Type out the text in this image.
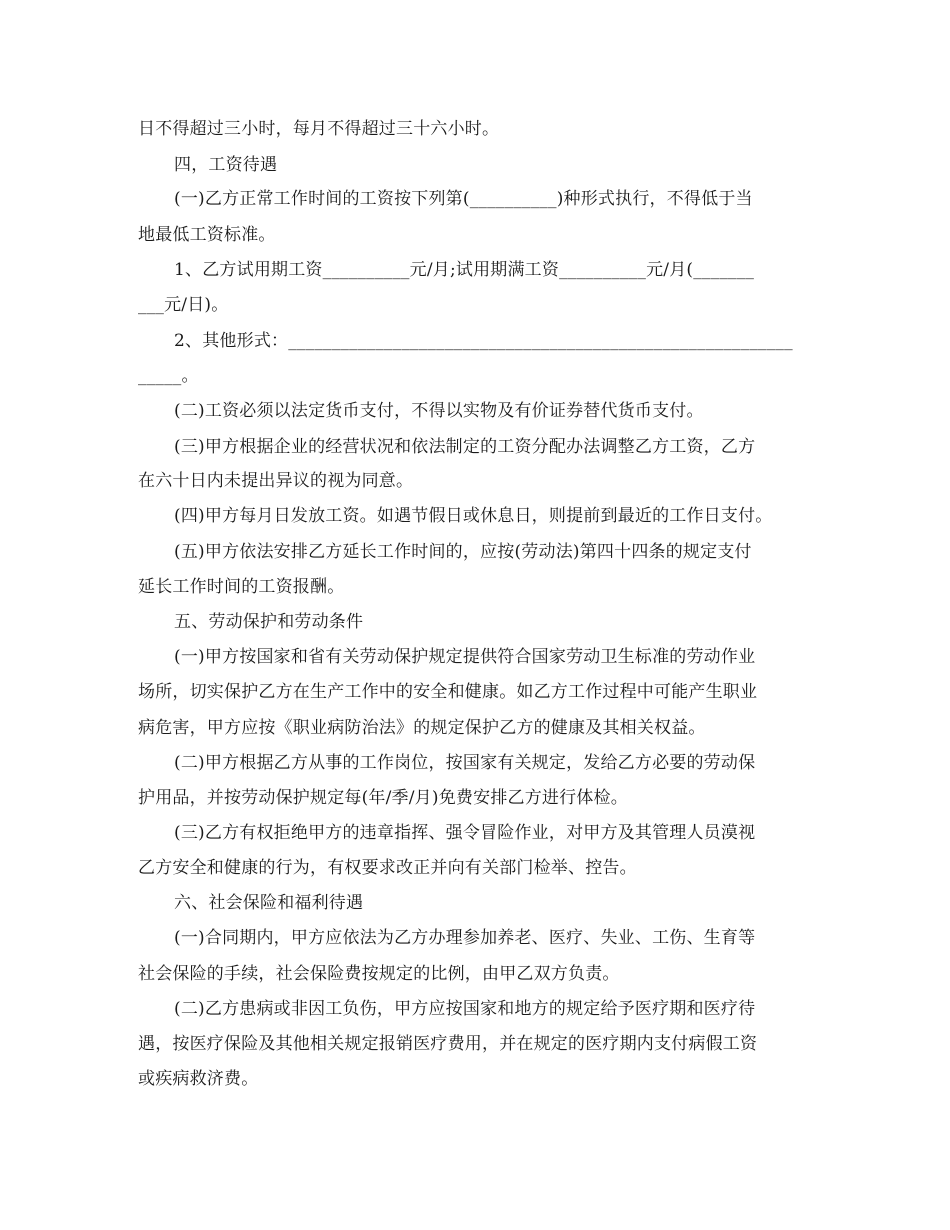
日不得超过三小时，每月不得超过三十六小时。
四，工资待遇
(一)乙方正常工作时间的工资按下列第(__________)种形式执行，不得低于当
地最低工资标准。
1、乙方试用期工资__________元/月;试用期满工资__________元/月(_______
___元/日)。
2、其他形式：__________________________________________________________
_____。
(二)工资必须以法定货币支付，不得以实物及有价证券替代货币支付。
(三)甲方根据企业的经营状况和依法制定的工资分配办法调整乙方工资，乙方
在六十日内未提出异议的视为同意。
(四)甲方每月日发放工资。如遇节假日或休息日，则提前到最近的工作日支付。
(五)甲方依法安排乙方延长工作时间的，应按(劳动法)第四十四条的规定支付
延长工作时间的工资报酬。
五、劳动保护和劳动条件
(一)甲方按国家和省有关劳动保护规定提供符合国家劳动卫生标准的劳动作业
场所，切实保护乙方在生产工作中的安全和健康。如乙方工作过程中可能产生职业
病危害，甲方应按《职业病防治法》的规定保护乙方的健康及其相关权益。
(二)甲方根据乙方从事的工作岗位，按国家有关规定，发给乙方必要的劳动保
护用品，并按劳动保护规定每(年/季/月)免费安排乙方进行体检。
(三)乙方有权拒绝甲方的违章指挥、强令冒险作业，对甲方及其管理人员漠视
乙方安全和健康的行为，有权要求改正并向有关部门检举、控告。
六、社会保险和福利待遇
(一)合同期内，甲方应依法为乙方办理参加养老、医疗、失业、工伤、生育等
社会保险的手续，社会保险费按规定的比例，由甲乙双方负责。
(二)乙方患病或非因工负伤，甲方应按国家和地方的规定给予医疗期和医疗待
遇，按医疗保险及其他相关规定报销医疗费用，并在规定的医疗期内支付病假工资
或疾病救济费。
